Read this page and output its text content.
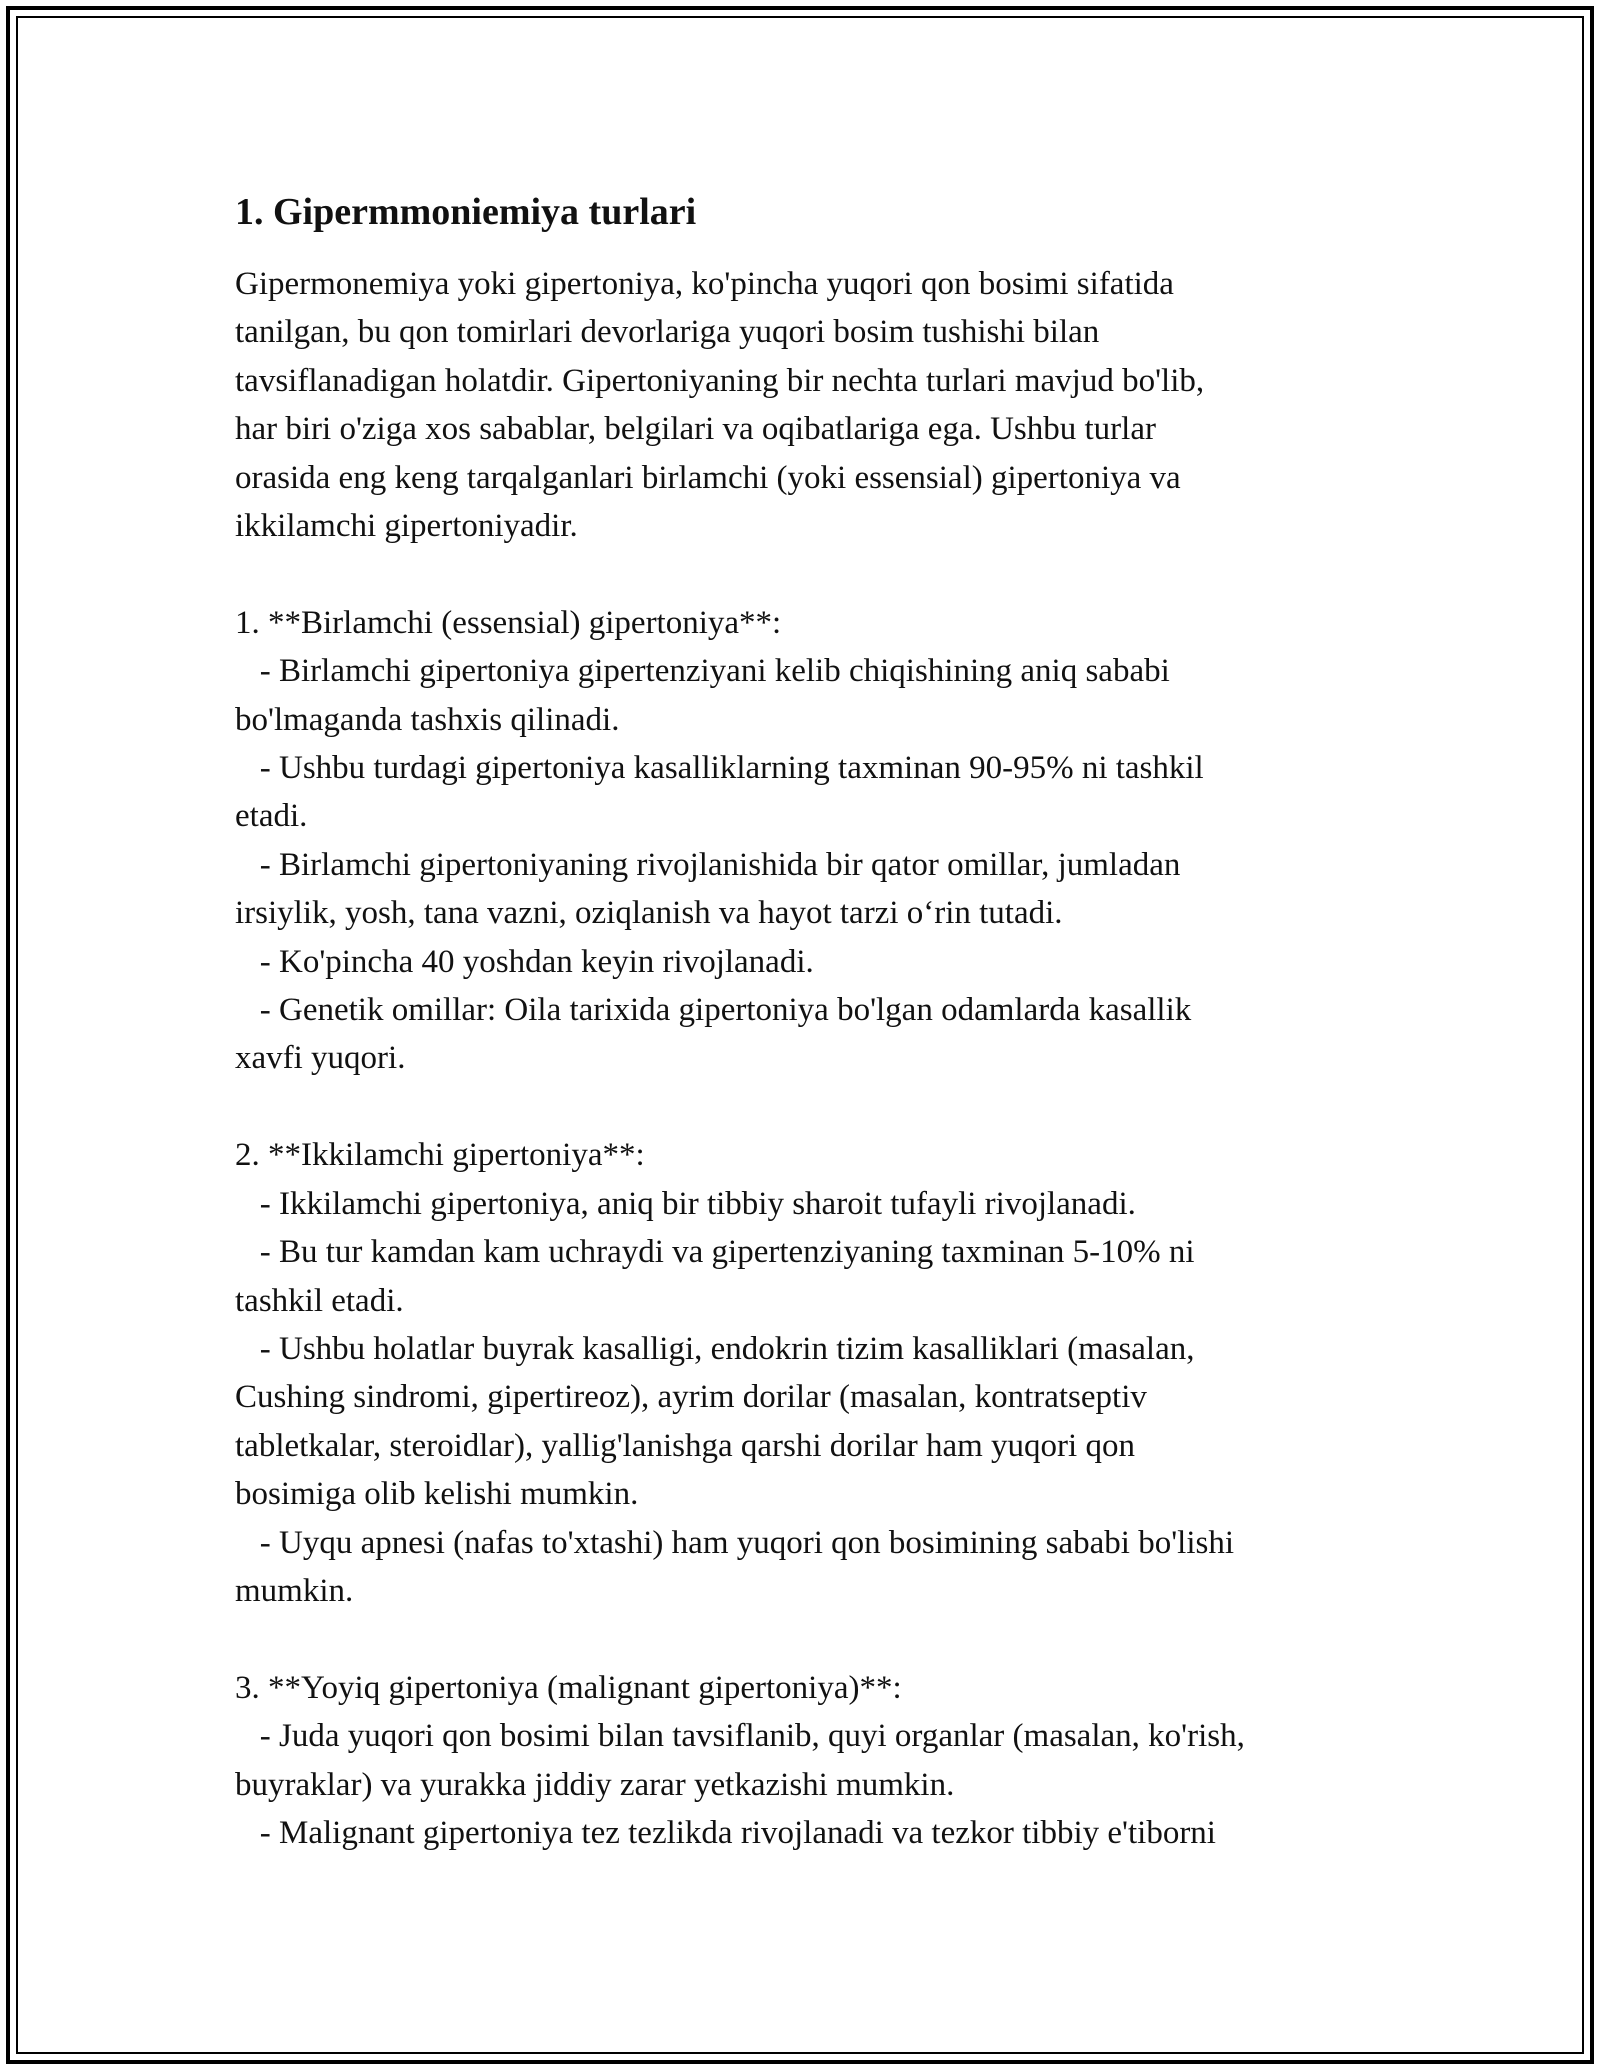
1. Gipermmoniemiya turlari
Gipermonemiya yoki gipertoniya, ko'pincha yuqori qon bosimi sifatida
tanilgan, bu qon tomirlari devorlariga yuqori bosim tushishi bilan
tavsiflanadigan holatdir. Gipertoniyaning bir nechta turlari mavjud bo'lib,
har biri o'ziga xos sabablar, belgilari va oqibatlariga ega. Ushbu turlar
orasida eng keng tarqalganlari birlamchi (yoki essensial) gipertoniya va
ikkilamchi gipertoniyadir.
1. **Birlamchi (essensial) gipertoniya**:
- Birlamchi gipertoniya gipertenziyani kelib chiqishining aniq sababi
bo'lmaganda tashxis qilinadi.
- Ushbu turdagi gipertoniya kasalliklarning taxminan 90-95% ni tashkil
etadi.
- Birlamchi gipertoniyaning rivojlanishida bir qator omillar, jumladan
irsiylik, yosh, tana vazni, oziqlanish va hayot tarzi o‘rin tutadi.
- Ko'pincha 40 yoshdan keyin rivojlanadi.
- Genetik omillar: Oila tarixida gipertoniya bo'lgan odamlarda kasallik
xavfi yuqori.
2. **Ikkilamchi gipertoniya**:
- Ikkilamchi gipertoniya, aniq bir tibbiy sharoit tufayli rivojlanadi.
- Bu tur kamdan kam uchraydi va gipertenziyaning taxminan 5-10% ni
tashkil etadi.
- Ushbu holatlar buyrak kasalligi, endokrin tizim kasalliklari (masalan,
Cushing sindromi, gipertireoz), ayrim dorilar (masalan, kontratseptiv
tabletkalar, steroidlar), yallig'lanishga qarshi dorilar ham yuqori qon
bosimiga olib kelishi mumkin.
- Uyqu apnesi (nafas to'xtashi) ham yuqori qon bosimining sababi bo'lishi
mumkin.
3. **Yoyiq gipertoniya (malignant gipertoniya)**:
- Juda yuqori qon bosimi bilan tavsiflanib, quyi organlar (masalan, ko'rish,
buyraklar) va yurakka jiddiy zarar yetkazishi mumkin.
- Malignant gipertoniya tez tezlikda rivojlanadi va tezkor tibbiy e'tiborni
